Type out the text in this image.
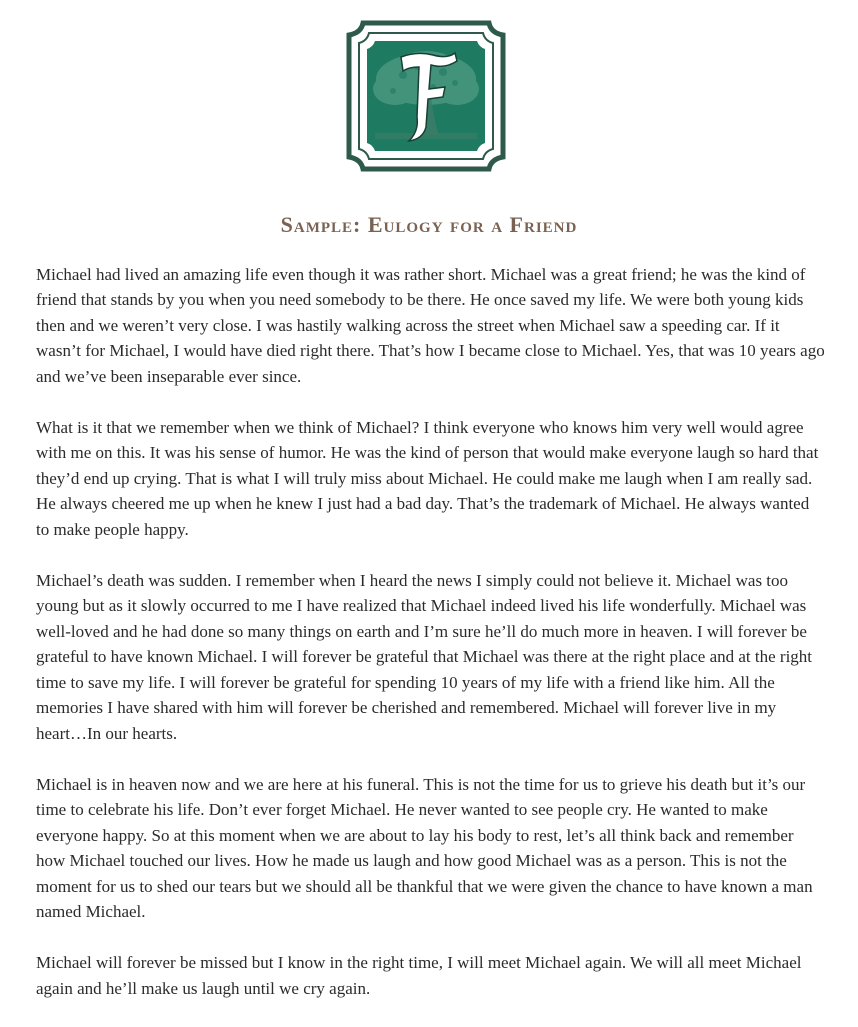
Sample: Eulogy for a Friend

Michael had lived an amazing life even though it was rather short. Michael was a great friend; he was the kind of friend that stands by you when you need somebody to be there. He once saved my life. We were both young kids then and we weren’t very close. I was hastily walking across the street when Michael saw a speeding car. If it wasn’t for Michael, I would have died right there. That’s how I became close to Michael. Yes, that was 10 years ago and we’ve been inseparable ever since.

What is it that we remember when we think of Michael? I think everyone who knows him very well would agree with me on this. It was his sense of humor. He was the kind of person that would make everyone laugh so hard that they’d end up crying. That is what I will truly miss about Michael. He could make me laugh when I am really sad. He always cheered me up when he knew I just had a bad day. That’s the trademark of Michael. He always wanted to make people happy.

Michael’s death was sudden. I remember when I heard the news I simply could not believe it. Michael was too young but as it slowly occurred to me I have realized that Michael indeed lived his life wonderfully. Michael was well-loved and he had done so many things on earth and I’m sure he’ll do much more in heaven. I will forever be grateful to have known Michael. I will forever be grateful that Michael was there at the right place and at the right time to save my life. I will forever be grateful for spending 10 years of my life with a friend like him. All the memories I have shared with him will forever be cherished and remembered. Michael will forever live in my heart…In our hearts.

Michael is in heaven now and we are here at his funeral. This is not the time for us to grieve his death but it’s our time to celebrate his life. Don’t ever forget Michael. He never wanted to see people cry. He wanted to make everyone happy. So at this moment when we are about to lay his body to rest, let’s all think back and remember how Michael touched our lives. How he made us laugh and how good Michael was as a person. This is not the moment for us to shed our tears but we should all be thankful that we were given the chance to have known a man named Michael.

Michael will forever be missed but I know in the right time, I will meet Michael again. We will all meet Michael again and he’ll make us laugh until we cry again.
